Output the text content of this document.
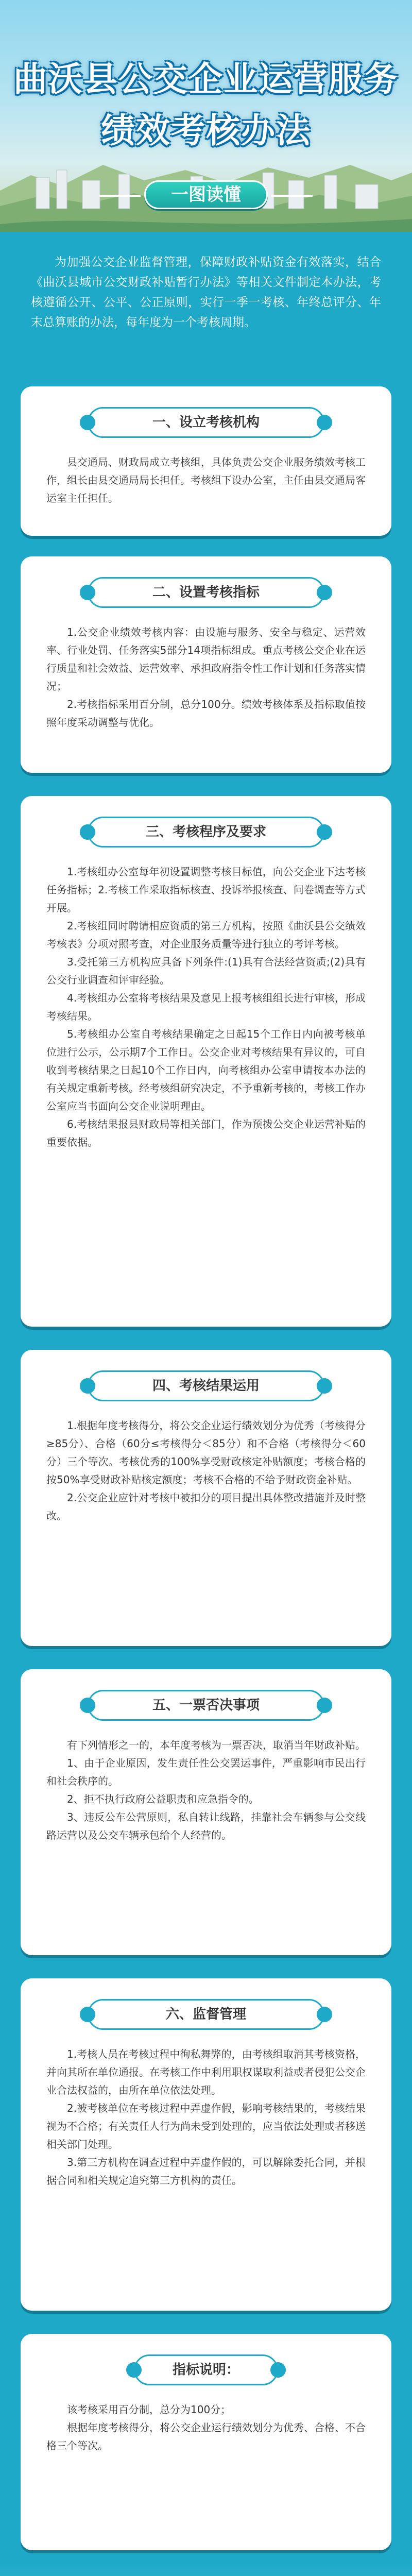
曲沃县公交企业运营服务
绩效考核办法
一图读懂

为加强公交企业监督管理，保障财政补贴资金有效落实，结合《曲沃县城市公交财政补贴暂行办法》等相关文件制定本办法，考核遵循公开、公平、公正原则，实行一季一考核、年终总评分、年末总算账的办法，每年度为一个考核周期。

一、设立考核机构

县交通局、财政局成立考核组，具体负责公交企业服务绩效考核工作，组长由县交通局局长担任。考核组下设办公室，主任由县交通局客运室主任担任。

二、设置考核指标

1.公交企业绩效考核内容：由设施与服务、安全与稳定、运营效率、行业处罚、任务落实5部分14项指标组成。重点考核公交企业在运行质量和社会效益、运营效率、承担政府指令性工作计划和任务落实情况；

2.考核指标采用百分制，总分100分。绩效考核体系及指标取值按照年度采动调整与优化。

三、考核程序及要求

1.考核组办公室每年初设置调整考核目标值，向公交企业下达考核任务指标；2.考核工作采取指标核查、投诉举报核查、问卷调查等方式开展。

2.考核组同时聘请相应资质的第三方机构，按照《曲沃县公交绩效考核表》分项对照考查，对企业服务质量等进行独立的考评考核。

3.受托第三方机构应具备下列条件:(1)具有合法经营资质;(2)具有公交行业调查和评审经验。

4.考核组办公室将考核结果及意见上报考核组组长进行审核，形成考核结果。

5.考核组办公室自考核结果确定之日起15个工作日内向被考核单位进行公示，公示期7个工作日。公交企业对考核结果有异议的，可自收到考核结果之日起10个工作日内，向考核组办公室申请按本办法的有关规定重新考核。经考核组研究决定，不予重新考核的，考核工作办公室应当书面向公交企业说明理由。

6.考核结果报县财政局等相关部门，作为预拨公交企业运营补贴的重要依据。

四、考核结果运用

1.根据年度考核得分，将公交企业运行绩效划分为优秀（考核得分≥85分）、合格（60分≤考核得分＜85分）和不合格（考核得分＜60分）三个等次。考核优秀的100%享受财政核定补贴额度；考核合格的按50%享受财政补贴核定额度；考核不合格的不给予财政资金补贴。

2.公交企业应针对考核中被扣分的项目提出具体整改措施并及时整改。

五、一票否决事项

有下列情形之一的，本年度考核为一票否决，取消当年财政补贴。

1、由于企业原因，发生责任性公交罢运事件，严重影响市民出行和社会秩序的。

2、拒不执行政府公益职责和应急指令的。

3、违反公车公营原则，私自转让线路，挂靠社会车辆参与公交线路运营以及公交车辆承包给个人经营的。

六、监督管理

1.考核人员在考核过程中徇私舞弊的，由考核组取消其考核资格，并向其所在单位通报。在考核工作中利用职权谋取利益或者侵犯公交企业合法权益的，由所在单位依法处理。

2.被考核单位在考核过程中弄虚作假，影响考核结果的，考核结果视为不合格；有关责任人行为尚未受到处理的，应当依法处理或者移送相关部门处理。

3.第三方机构在调查过程中弄虚作假的，可以解除委托合同，并根据合同和相关规定追究第三方机构的责任。

指标说明：

该考核采用百分制，总分为100分；

根据年度考核得分，将公交企业运行绩效划分为优秀、合格、不合格三个等次。
